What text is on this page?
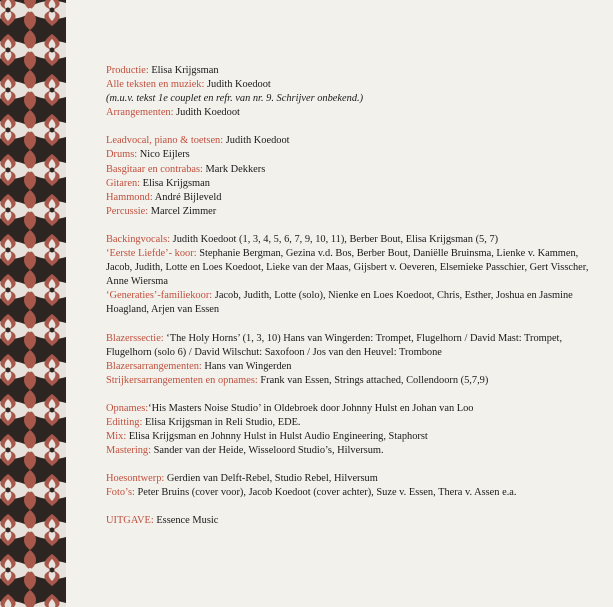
Productie: Elisa Krijgsman
Alle teksten en muziek: Judith Koedoot
(m.u.v. tekst 1e couplet en refr. van nr. 9. Schrijver onbekend.)
Arrangementen: Judith Koedoot
Leadvocal, piano & toetsen: Judith Koedoot
Drums: Nico Eijlers
Basgitaar en contrabas: Mark Dekkers
Gitaren: Elisa Krijgsman
Hammond: André Bijleveld
Percussie: Marcel Zimmer
Backingvocals: Judith Koedoot (1, 3, 4, 5, 6, 7, 9, 10, 11), Berber Bout, Elisa Krijgsman (5, 7)
‘Eerste Liefde’- koor: Stephanie Bergman, Gezina v.d. Bos, Berber Bout, Daniëlle Bruinsma, Lienke v. Kammen, Jacob, Judith, Lotte en Loes Koedoot, Lieke van der Maas, Gijsbert v. Oeveren, Elsemieke Passchier, Gert Visscher, Anne Wiersma
‘Generaties’-familiekoor: Jacob, Judith, Lotte (solo), Nienke en Loes Koedoot, Chris, Esther, Joshua en Jasmine Hoagland, Arjen van Essen
Blazerssectie: ‘The Holy Horns’ (1, 3, 10) Hans van Wingerden: Trompet, Flugelhorn / David Mast: Trompet, Flugelhorn (solo 6) / David Wilschut: Saxofoon / Jos van den Heuvel: Trombone
Blazersarrangementen: Hans van Wingerden
Strijkersarrangementen en opnames: Frank van Essen, Strings attached, Collendoorn (5,7,9)
Opnames:‘His Masters Noise Studio’ in Oldebroek door Johnny Hulst en Johan van Loo
Editting: Elisa Krijgsman in Reli Studio, EDE.
Mix: Elisa Krijgsman en Johnny Hulst in Hulst Audio Engineering, Staphorst
Mastering: Sander van der Heide, Wisseloord Studio’s, Hilversum.
Hoesontwerp: Gerdien van Delft-Rebel, Studio Rebel, Hilversum
Foto’s: Peter Bruins (cover voor), Jacob Koedoot (cover achter), Suze v. Essen, Thera v. Assen e.a.
UITGAVE: Essence Music
